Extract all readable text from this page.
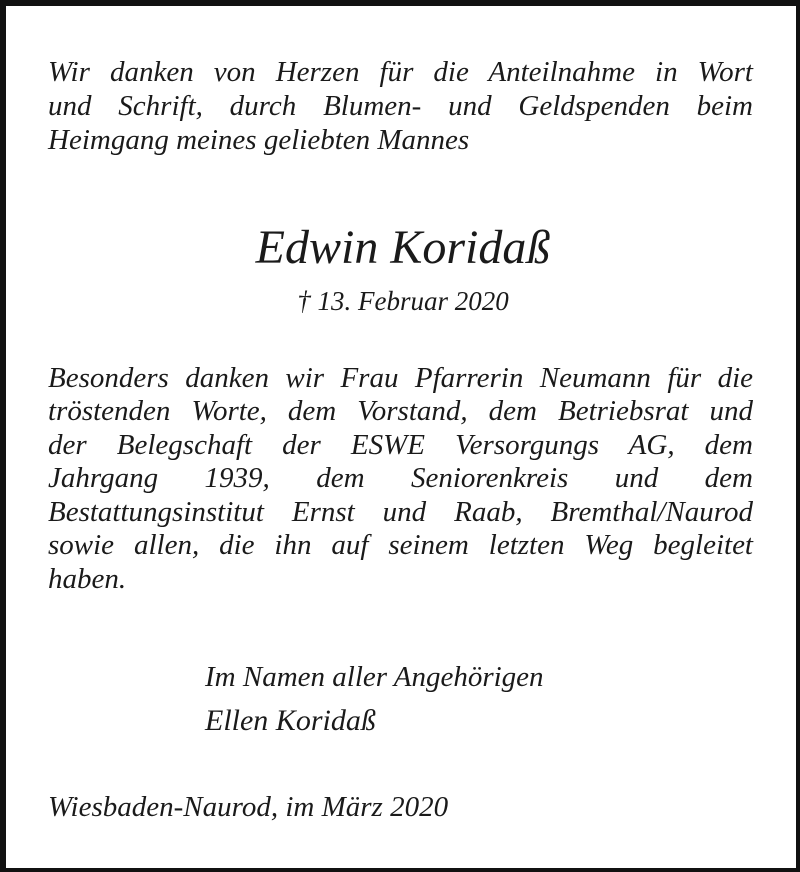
Wir danken von Herzen für die Anteilnahme in Wort
und Schrift, durch Blumen- und Geldspenden beim
Heimgang meines geliebten Mannes
Edwin Koridaß
† 13. Februar 2020
Besonders danken wir Frau Pfarrerin Neumann für die
tröstenden Worte, dem Vorstand, dem Betriebsrat und
der Belegschaft der ESWE Versorgungs AG, dem
Jahrgang 1939, dem Seniorenkreis und dem
Bestattungsinstitut Ernst und Raab, Bremthal/Naurod
sowie allen, die ihn auf seinem letzten Weg begleitet
haben.
Im Namen aller Angehörigen
Ellen Koridaß
Wiesbaden-Naurod, im März 2020
